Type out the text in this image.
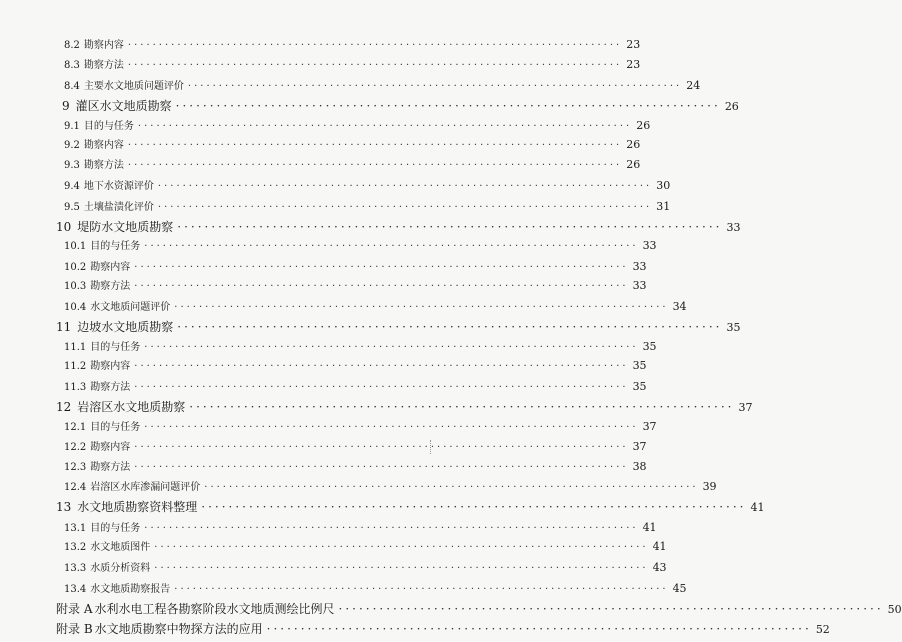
8.2 勘察内容 ················································································ 23
8.3 勘察方法 ················································································ 23
8.4 主要水文地质问题评价 ················································································ 24
9 灌区水文地质勘察 ················································································ 26
9.1 目的与任务 ················································································ 26
9.2 勘察内容 ················································································ 26
9.3 勘察方法 ················································································ 26
9.4 地下水资源评价 ················································································ 30
9.5 土壤盐渍化评价 ················································································ 31
10 堤防水文地质勘察 ················································································ 33
10.1 目的与任务 ················································································ 33
10.2 勘察内容 ················································································ 33
10.3 勘察方法 ················································································ 33
10.4 水文地质问题评价 ················································································ 34
11 边坡水文地质勘察 ················································································ 35
11.1 目的与任务 ················································································ 35
11.2 勘察内容 ················································································ 35
11.3 勘察方法 ················································································ 35
12 岩溶区水文地质勘察 ················································································ 37
12.1 目的与任务 ················································································ 37
12.2 勘察内容 ················································································ 37
12.3 勘察方法 ················································································ 38
12.4 岩溶区水库渗漏问题评价 ················································································ 39
13 水文地质勘察资料整理 ················································································ 41
13.1 目的与任务 ················································································ 41
13.2 水文地质图件 ················································································ 41
13.3 水质分析资料 ················································································ 43
13.4 水文地质勘察报告 ················································································ 45
附录 A 水利水电工程各勘察阶段水文地质测绘比例尺 ················································································ 50
附录 B 水文地质勘察中物探方法的应用 ················································································ 52
